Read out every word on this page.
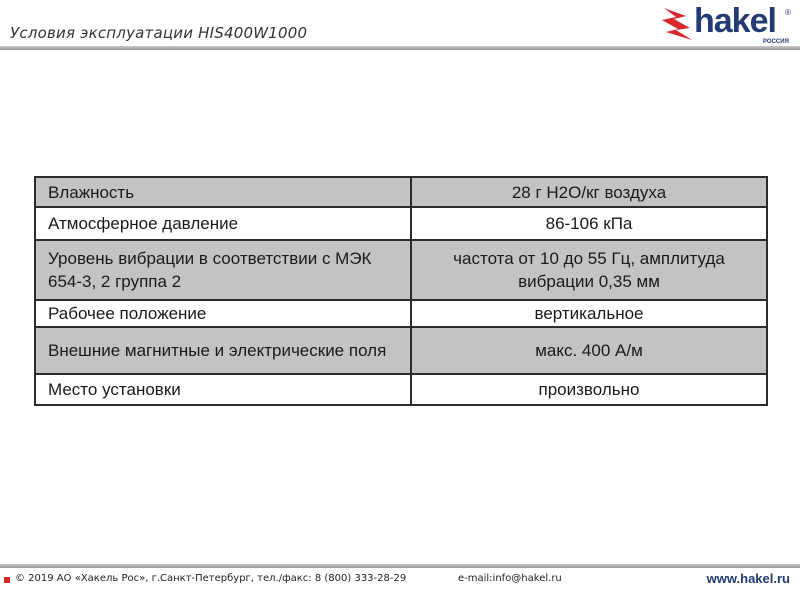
Условия эксплуатации HIS400W1000	hakel ®
РОССИЯ
Влажность	28 г Н2О/кг воздуха
Атмосферное давление	86-106 кПа
Уровень вибрации в соответствии с МЭК 654-3, 2 группа 2	частота от 10 до 55 Гц, амплитуда вибрации 0,35 мм
Рабочее положение	вертикальное
Внешние магнитные и электрические поля	макс. 400 А/м
Место установки	произвольно
© 2019 АО «Хакель Рос», г.Санкт-Петербург, тел./факс: 8 (800) 333-28-29	e-mail:info@hakel.ru	www.hakel.ru
